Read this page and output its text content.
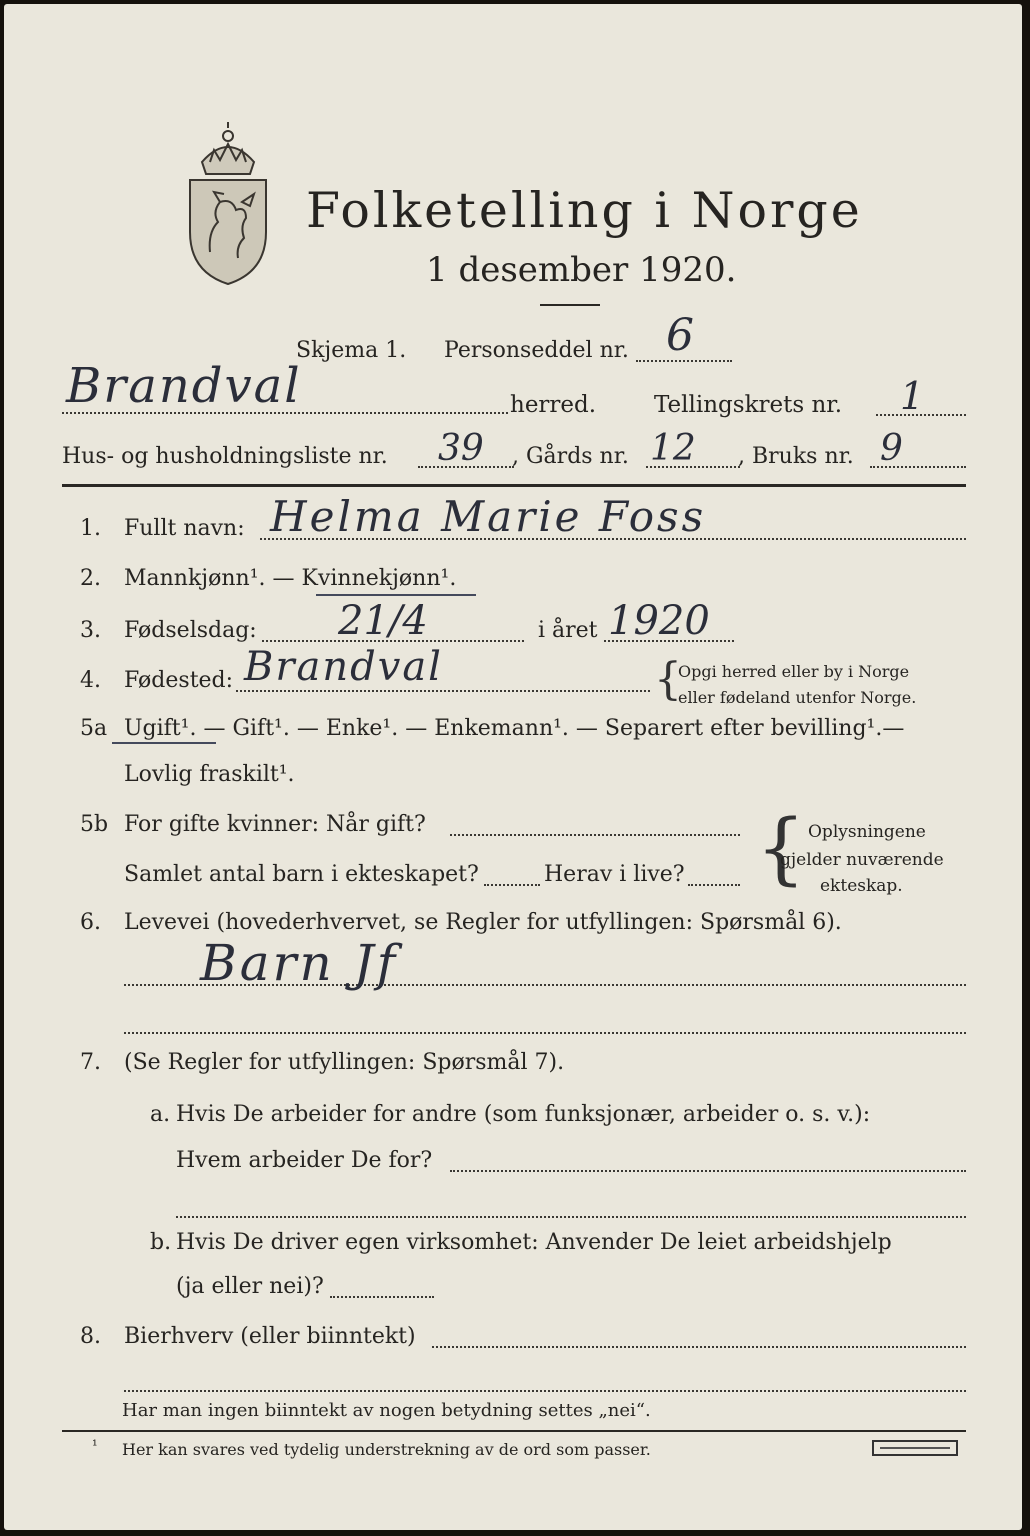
Folketelling i Norge
1 desember 1920.
Skjema 1. Personseddel nr. 6
Brandval	herred.	Tellingskrets nr. 1
Hus- og husholdningsliste nr. 39 , Gårds nr. 12 , Bruks nr. 9
1. Fullt navn: Helma Marie Foss
2. Mannkjønn¹. — Kvinnekjønn¹.
3. Fødselsdag: 21/4	i året 1920
4. Fødested: Brandval	{
Opgi herred eller by i Norge
eller fødeland utenfor Norge.
5a Ugift¹. — Gift¹. — Enke¹. — Enkemann¹. — Separert efter bevilling¹.—
Lovlig fraskilt¹.
5b For gifte kvinner: Når gift?
Samlet antal barn i ekteskapet?	Herav i live? { Oplysningene
gjelder nuværende
ekteskap.
6. Levevei (hovederhvervet, se Regler for utfyllingen: Spørsmål 6).
Barn Jf
7. (Se Regler for utfyllingen: Spørsmål 7).
a. Hvis De arbeider for andre (som funksjonær, arbeider o. s. v.):
Hvem arbeider De for?
b. Hvis De driver egen virksomhet: Anvender De leiet arbeidshjelp
(ja eller nei)?
8. Bierhverv (eller biinntekt)
Har man ingen biinntekt av nogen betydning settes „nei“.
¹ Her kan svares ved tydelig understrekning av de ord som passer.
